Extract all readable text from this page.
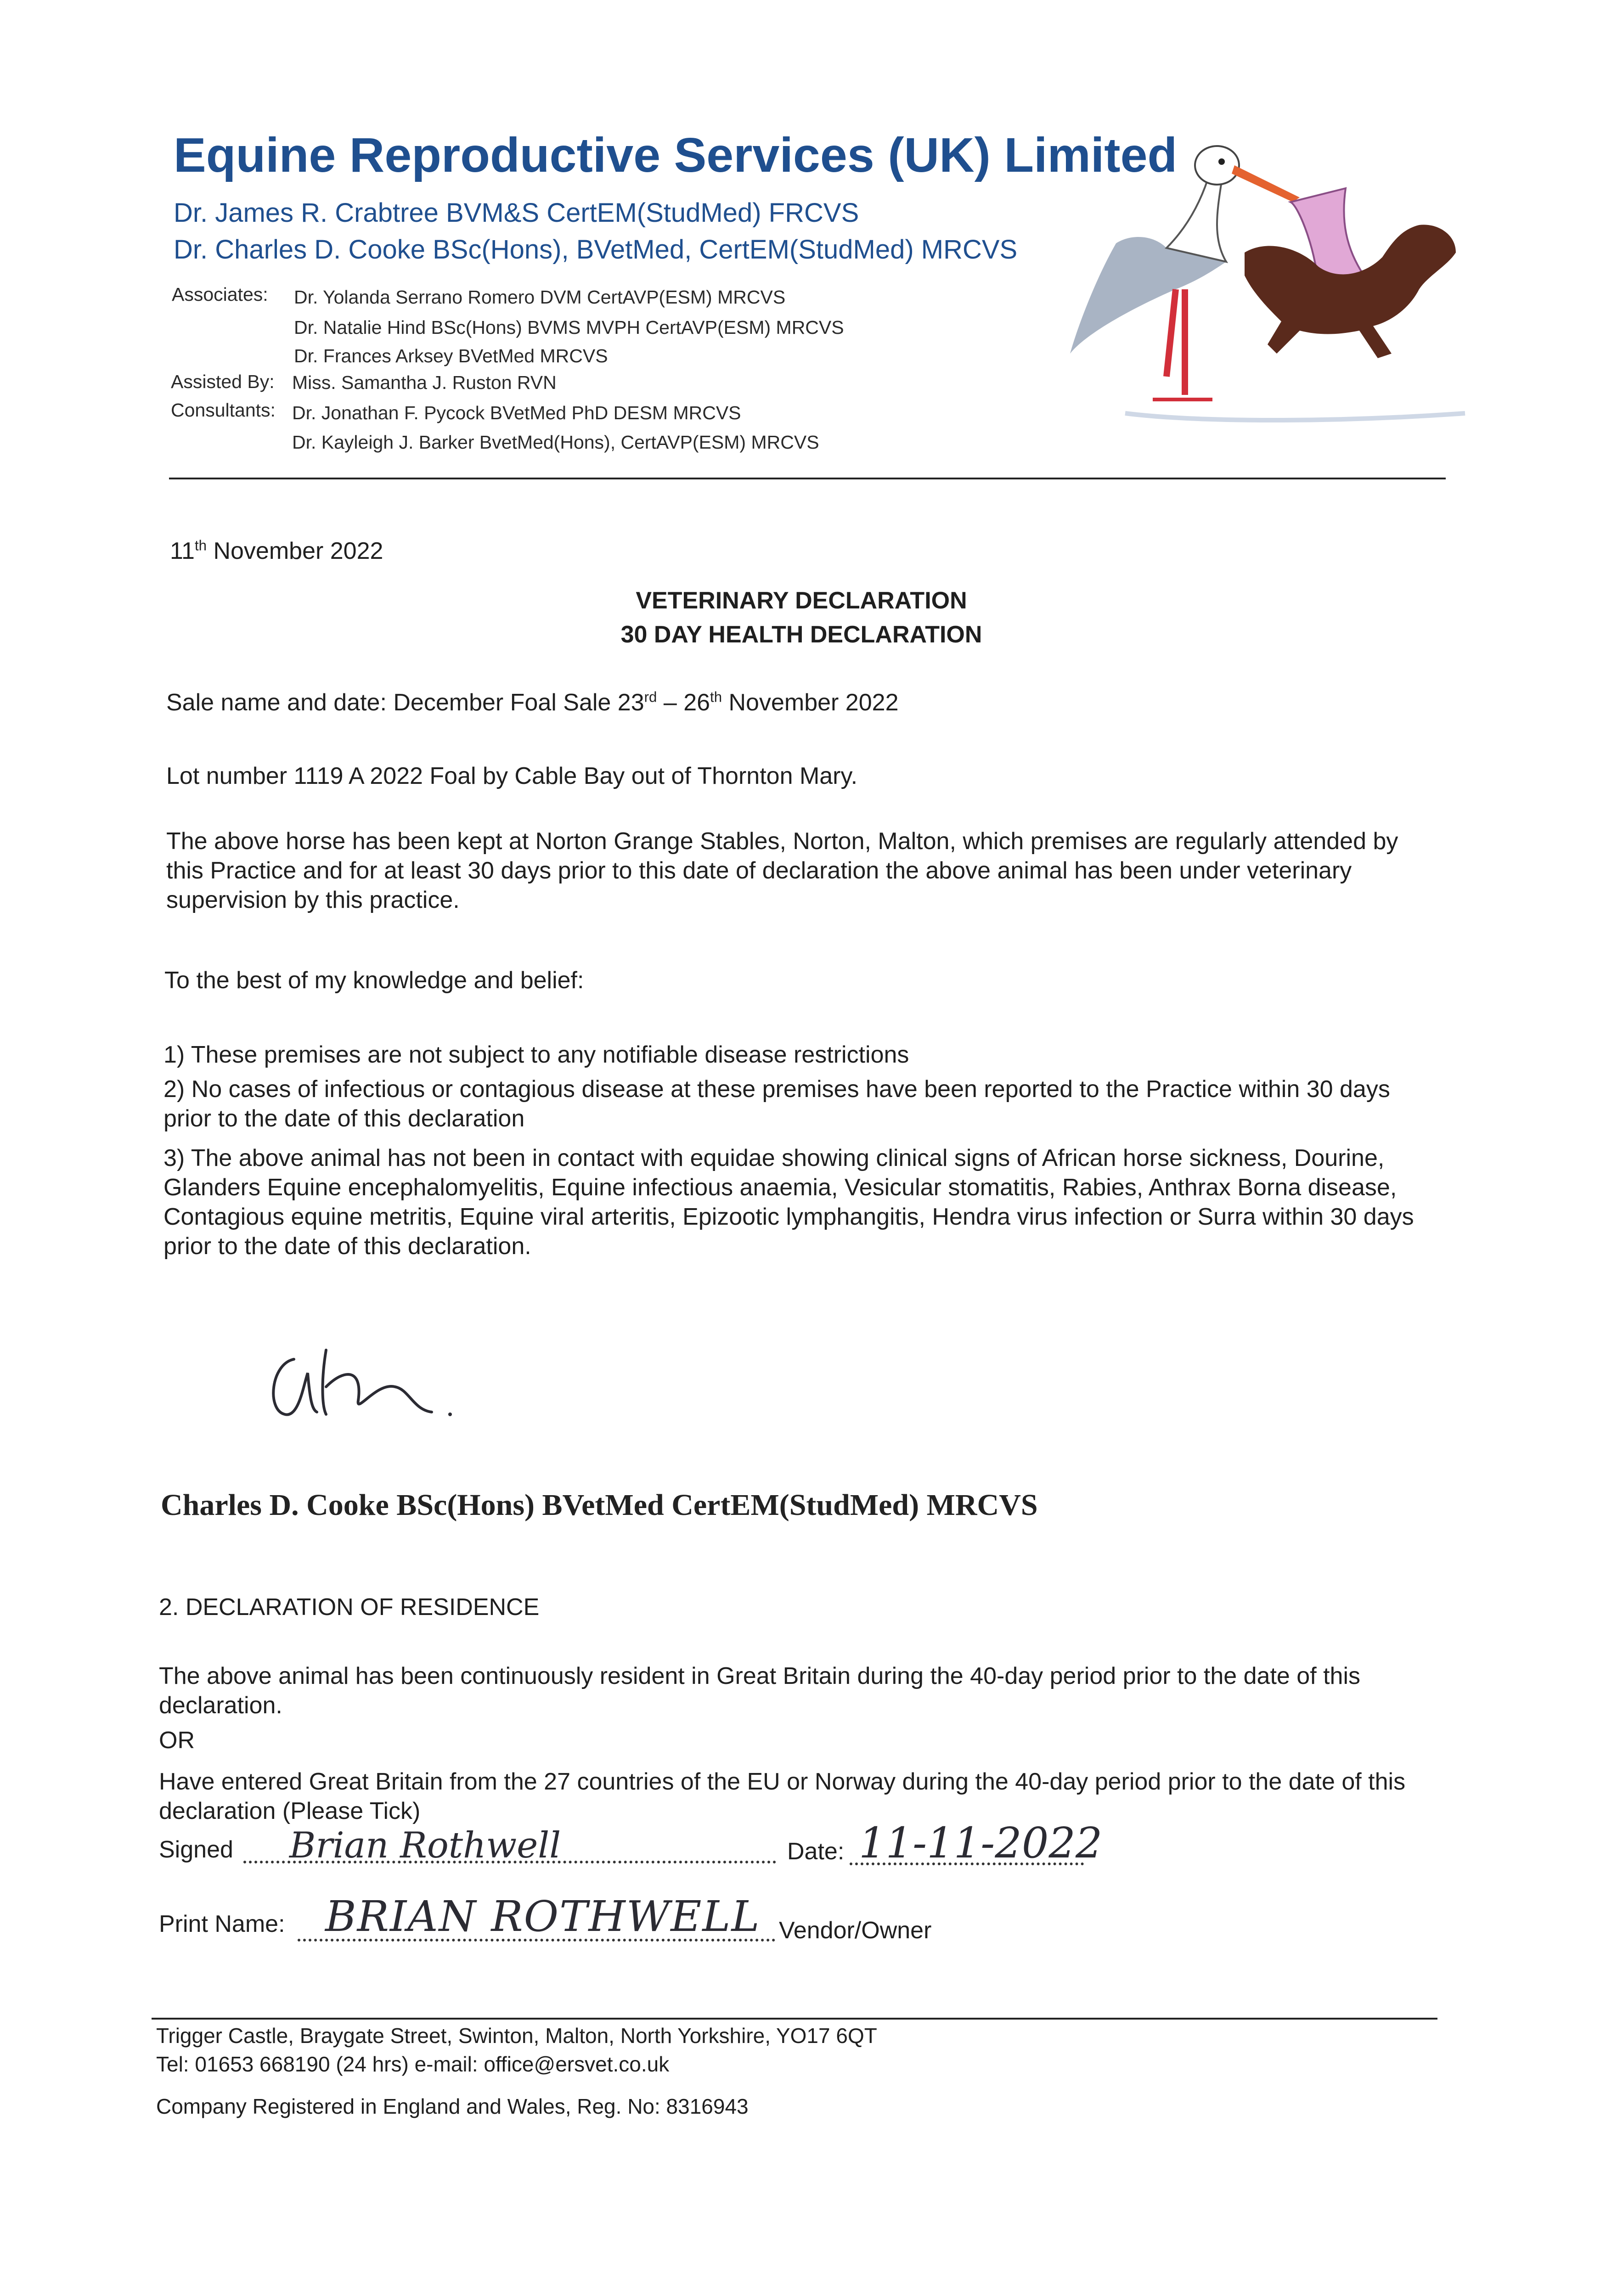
Equine Reproductive Services (UK) Limited
Dr. James R. Crabtree BVM&S CertEM(StudMed) FRCVS
Dr. Charles D. Cooke BSc(Hons), BVetMed, CertEM(StudMed) MRCVS
Associates: Dr. Yolanda Serrano Romero DVM CertAVP(ESM) MRCVS
Dr. Natalie Hind BSc(Hons) BVMS MVPH CertAVP(ESM) MRCVS
Dr. Frances Arksey BVetMed MRCVS
Assisted By: Miss. Samantha J. Ruston RVN
Consultants: Dr. Jonathan F. Pycock BVetMed PhD DESM MRCVS
Dr. Kayleigh J. Barker BvetMed(Hons), CertAVP(ESM) MRCVS
11th November 2022
VETERINARY DECLARATION
30 DAY HEALTH DECLARATION
Sale name and date: December Foal Sale 23rd – 26th November 2022
Lot number 1119 A 2022 Foal by Cable Bay out of Thornton Mary.
The above horse has been kept at Norton Grange Stables, Norton, Malton, which premises are regularly attended by this Practice and for at least 30 days prior to this date of declaration the above animal has been under veterinary supervision by this practice.
To the best of my knowledge and belief:
1) These premises are not subject to any notifiable disease restrictions
2) No cases of infectious or contagious disease at these premises have been reported to the Practice within 30 days prior to the date of this declaration
3) The above animal has not been in contact with equidae showing clinical signs of African horse sickness, Dourine, Glanders Equine encephalomyelitis, Equine infectious anaemia, Vesicular stomatitis, Rabies, Anthrax Borna disease, Contagious equine metritis, Equine viral arteritis, Epizootic lymphangitis, Hendra virus infection or Surra within 30 days prior to the date of this declaration.
Charles D. Cooke BSc(Hons) BVetMed CertEM(StudMed) MRCVS
2. DECLARATION OF RESIDENCE
The above animal has been continuously resident in Great Britain during the 40-day period prior to the date of this declaration.
OR
Have entered Great Britain from the 27 countries of the EU or Norway during the 40-day period prior to the date of this declaration (Please Tick)
Signed Brian Rothwell	Date: 11-11-2022
Print Name: BRIAN ROTHWELL Vendor/Owner
Trigger Castle, Braygate Street, Swinton, Malton, North Yorkshire, YO17 6QT
Tel: 01653 668190 (24 hrs) e-mail: office@ersvet.co.uk
Company Registered in England and Wales, Reg. No: 8316943
